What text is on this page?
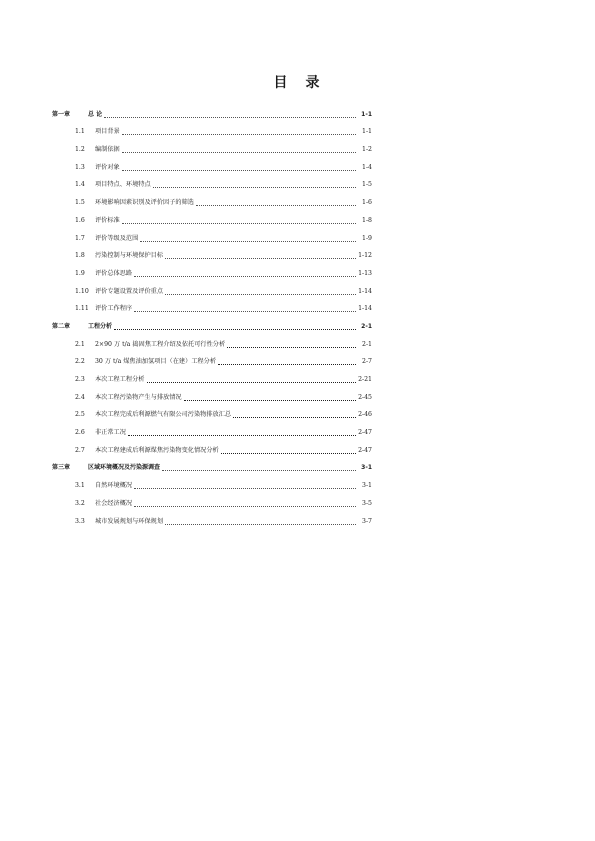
目 录
第一章	总 论	1-1
1.1	项目背景	1-1
1.2	编制依据	1-2
1.3	评价对象	1-4
1.4	项目特点、环境特点	1-5
1.5	环境影响因素识别及评价因子的筛选	1-6
1.6	评价标准	1-8
1.7	评价等级及范围	1-9
1.8	污染控制与环境保护目标	1-12
1.9	评价总体思路	1-13
1.10	评价专题设置及评价重点	1-14
1.11	评价工作程序	1-14
第二章	工程分析	2-1
2.1	2×90 万 t/a 捣固焦工程介绍及依托可行性分析	2-1
2.2	30 万 t/a 煤焦油加氢项目（在建）工程分析	2-7
2.3	本次工程工程分析	2-21
2.4	本次工程污染物产生与排放情况	2-45
2.5	本次工程完成后利源燃气有限公司污染物排放汇总	2-46
2.6	非正常工况	2-47
2.7	本次工程建成后利源煤焦污染物变化情况分析	2-47
第三章	区域环境概况及污染源调查	3-1
3.1	自然环境概况	3-1
3.2	社会经济概况	3-5
3.3	城市发展规划与环保规划	3-7
